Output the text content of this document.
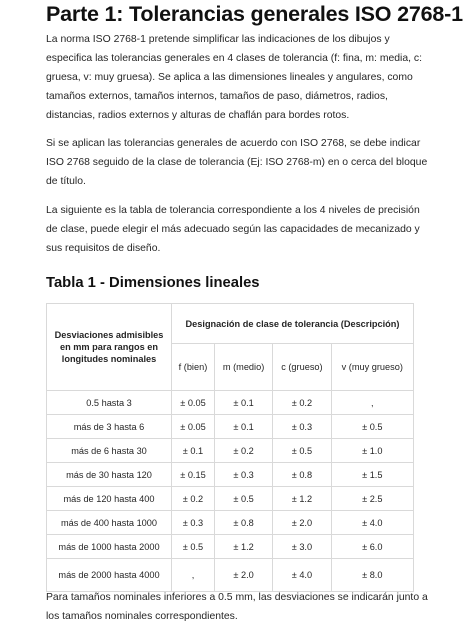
Parte 1: Tolerancias generales ISO 2768-1

La norma ISO 2768-1 pretende simplificar las indicaciones de los dibujos y especifica las tolerancias generales en 4 clases de tolerancia (f: fina, m: media, c: gruesa, v: muy gruesa). Se aplica a las dimensiones lineales y angulares, como tamaños externos, tamaños internos, tamaños de paso, diámetros, radios, distancias, radios externos y alturas de chaflán para bordes rotos.

Si se aplican las tolerancias generales de acuerdo con ISO 2768, se debe indicar ISO 2768 seguido de la clase de tolerancia (Ej: ISO 2768-m) en o cerca del bloque de título.

La siguiente es la tabla de tolerancia correspondiente a los 4 niveles de precisión de clase, puede elegir el más adecuado según las capacidades de mecanizado y sus requisitos de diseño.

Tabla 1 - Dimensiones lineales
Desviaciones admisibles en mm para rangos en longitudes nominales	Designación de clase de tolerancia (Descripción)			
	f (bien)	m (medio)	c (grueso)	v (muy grueso)
0.5 hasta 3	± 0.05	± 0.1	± 0.2	,
más de 3 hasta 6	± 0.05	± 0.1	± 0.3	± 0.5
más de 6 hasta 30	± 0.1	± 0.2	± 0.5	± 1.0
más de 30 hasta 120	± 0.15	± 0.3	± 0.8	± 1.5
más de 120 hasta 400	± 0.2	± 0.5	± 1.2	± 2.5
más de 400 hasta 1000	± 0.3	± 0.8	± 2.0	± 4.0
más de 1000 hasta 2000	± 0.5	± 1.2	± 3.0	± 6.0
más de 2000 hasta 4000	,	± 2.0	± 4.0	± 8.0

Para tamaños nominales inferiores a 0.5 mm, las desviaciones se indicarán junto a los tamaños nominales correspondientes.
